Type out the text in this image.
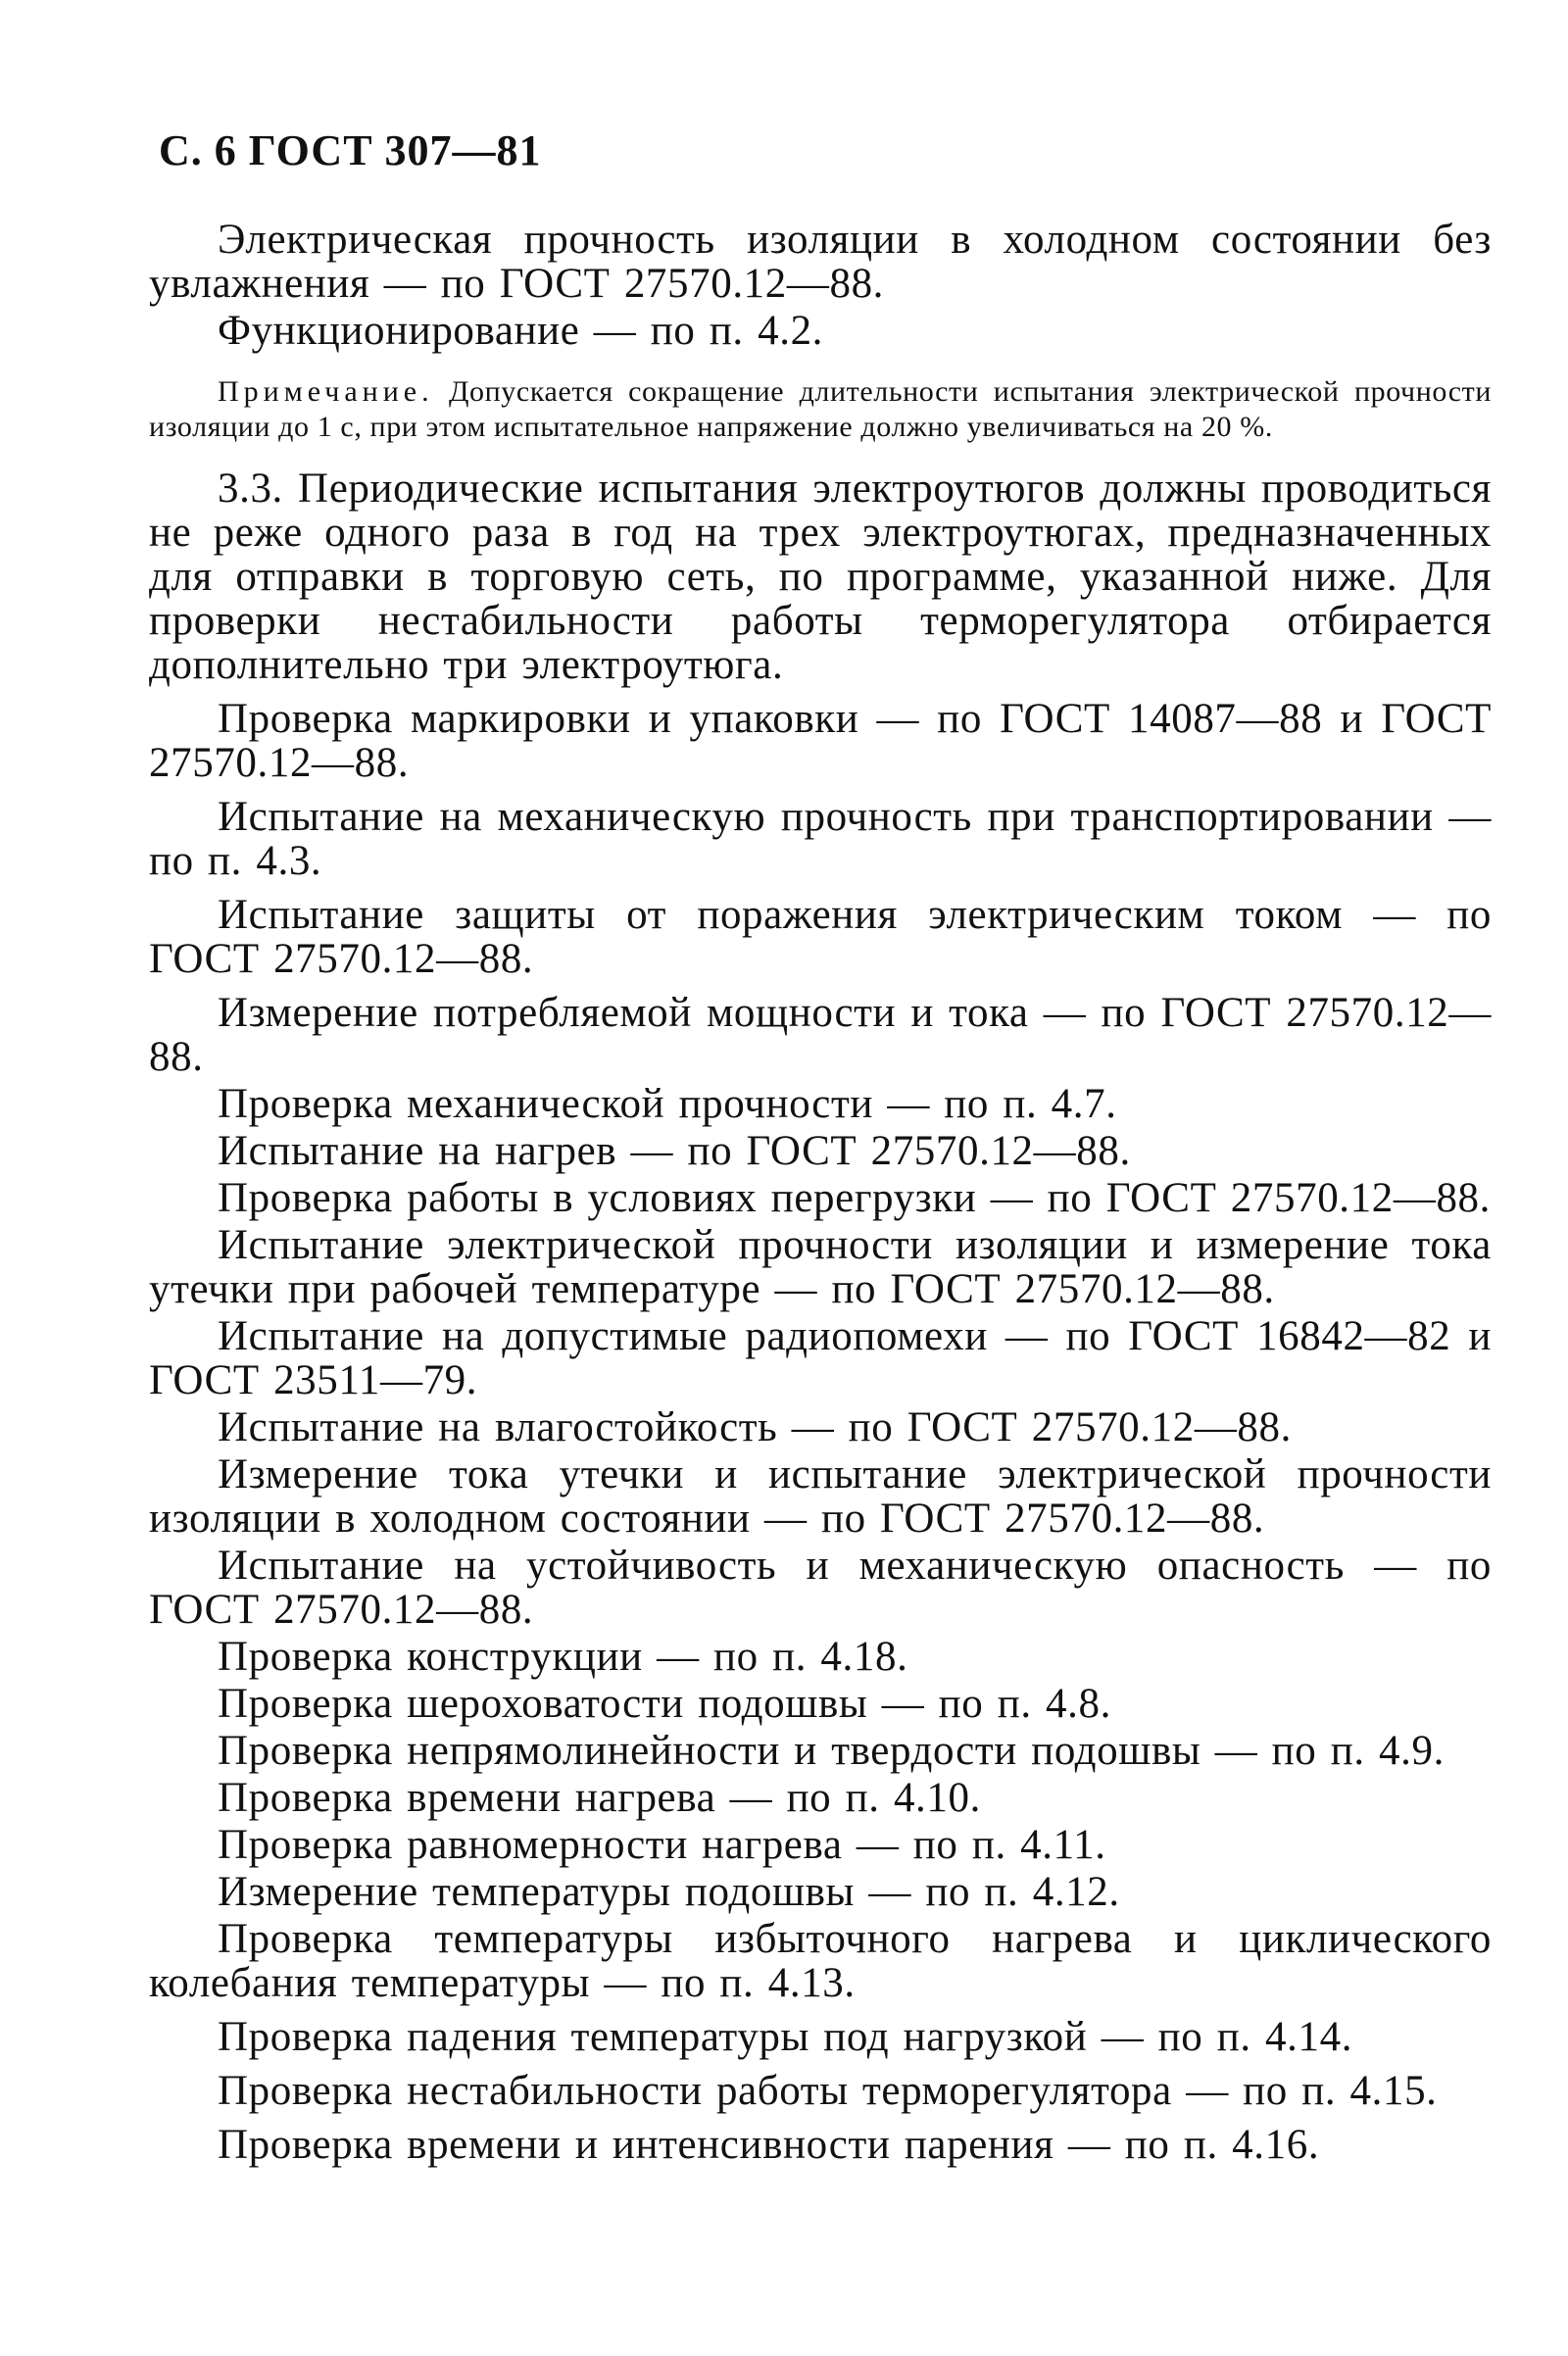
С. 6 ГОСТ 307—81

Электрическая прочность изоляции в холодном состоянии без увлажнения — по ГОСТ 27570.12—88.

Функционирование — по п. 4.2.

Примечание. Допускается сокращение длительности испытания электрической прочности изоляции до 1 с, при этом испытательное напряжение должно увеличиваться на 20 %.

3.3. Периодические испытания электроутюгов должны проводиться не реже одного раза в год на трех электроутюгах, предназначенных для отправки в торговую сеть, по программе, указанной ниже. Для проверки нестабильности работы терморегулятора отбирается дополнительно три электроутюга.

Проверка маркировки и упаковки — по ГОСТ 14087—88 и ГОСТ 27570.12—88.

Испытание на механическую прочность при транспортировании — по п. 4.3.

Испытание защиты от поражения электрическим током — по ГОСТ 27570.12—88.

Измерение потребляемой мощности и тока — по ГОСТ 27570.12—88.

Проверка механической прочности — по п. 4.7.

Испытание на нагрев — по ГОСТ 27570.12—88.

Проверка работы в условиях перегрузки — по ГОСТ 27570.12—88.

Испытание электрической прочности изоляции и измерение тока утечки при рабочей температуре — по ГОСТ 27570.12—88.

Испытание на допустимые радиопомехи — по ГОСТ 16842—82 и ГОСТ 23511—79.

Испытание на влагостойкость — по ГОСТ 27570.12—88.

Измерение тока утечки и испытание электрической прочности изоляции в холодном состоянии — по ГОСТ 27570.12—88.

Испытание на устойчивость и механическую опасность — по ГОСТ 27570.12—88.

Проверка конструкции — по п. 4.18.

Проверка шероховатости подошвы — по п. 4.8.

Проверка непрямолинейности и твердости подошвы — по п. 4.9.

Проверка времени нагрева — по п. 4.10.

Проверка равномерности нагрева — по п. 4.11.

Измерение температуры подошвы — по п. 4.12.

Проверка температуры избыточного нагрева и циклического колебания температуры — по п. 4.13.

Проверка падения температуры под нагрузкой — по п. 4.14.

Проверка нестабильности работы терморегулятора — по п. 4.15.

Проверка времени и интенсивности парения — по п. 4.16.
